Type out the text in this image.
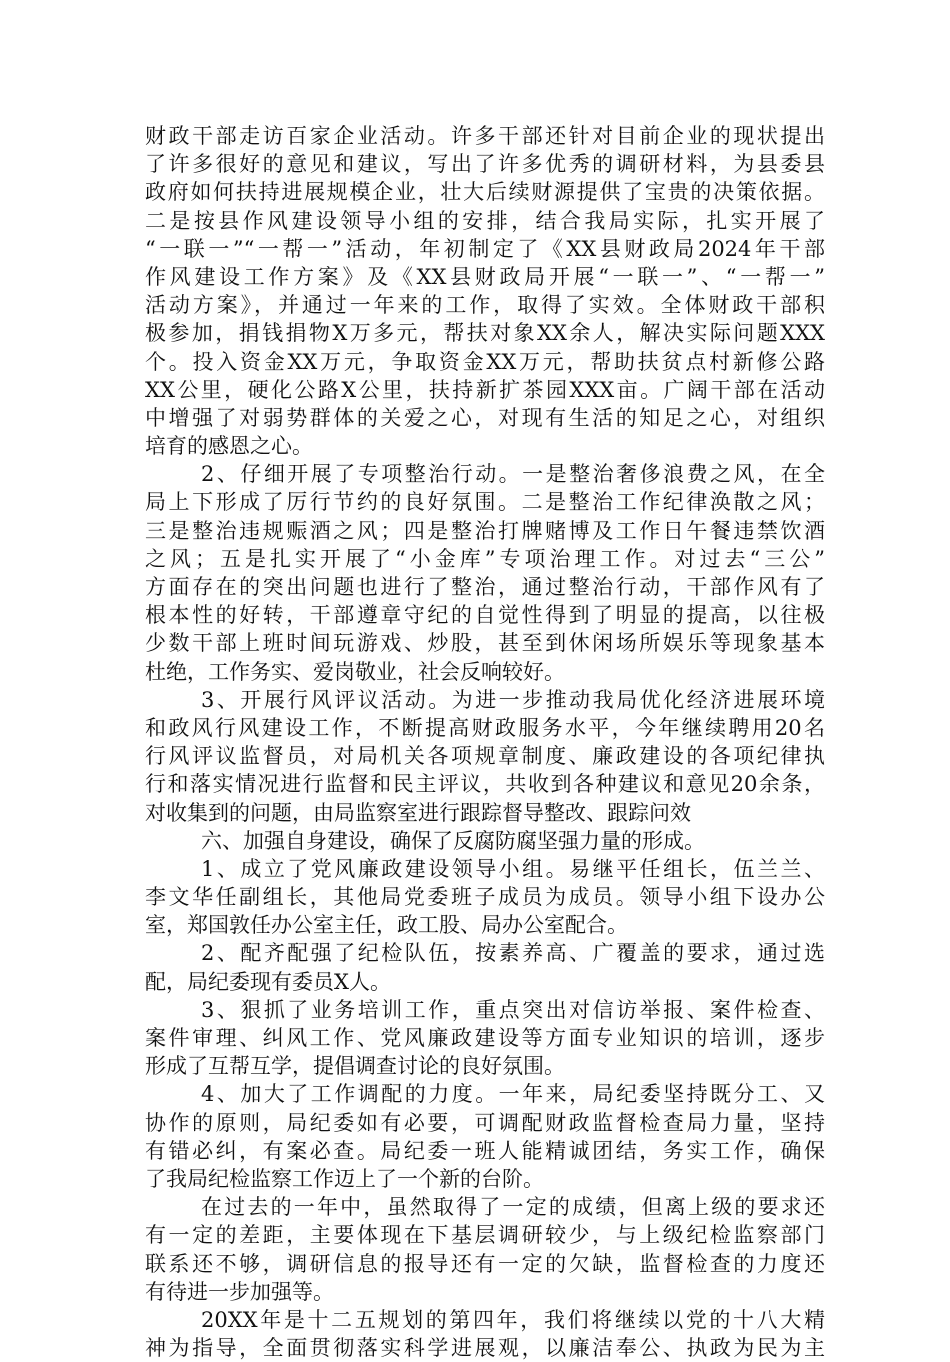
财政干部走访百家企业活动。许多干部还针对目前企业的现状提出
了许多很好的意见和建议，写出了许多优秀的调研材料，为县委县
政府如何扶持进展规模企业，壮大后续财源提供了宝贵的决策依据。
二是按县作风建设领导小组的安排，结合我局实际，扎实开展了
“一联一”“一帮一”活动，年初制定了《XX县财政局2024年干部
作风建设工作方案》及《XX县财政局开展“一联一”、“一帮一”
活动方案》，并通过一年来的工作，取得了实效。全体财政干部积
极参加，捐钱捐物X万多元，帮扶对象XX余人，解决实际问题XXX
个。投入资金XX万元，争取资金XX万元，帮助扶贫点村新修公路
XX公里，硬化公路X公里，扶持新扩茶园XXX亩。广阔干部在活动
中增强了对弱势群体的关爱之心，对现有生活的知足之心，对组织
培育的感恩之心。
2、仔细开展了专项整治行动。一是整治奢侈浪费之风，在全
局上下形成了厉行节约的良好氛围。二是整治工作纪律涣散之风；
三是整治违规赈酒之风；四是整治打牌赌博及工作日午餐违禁饮酒
之风；五是扎实开展了“小金库”专项治理工作。对过去“三公”
方面存在的突出问题也进行了整治，通过整治行动，干部作风有了
根本性的好转，干部遵章守纪的自觉性得到了明显的提高，以往极
少数干部上班时间玩游戏、炒股，甚至到休闲场所娱乐等现象基本
杜绝，工作务实、爱岗敬业，社会反响较好。
3、开展行风评议活动。为进一步推动我局优化经济进展环境
和政风行风建设工作，不断提高财政服务水平，今年继续聘用20名
行风评议监督员，对局机关各项规章制度、廉政建设的各项纪律执
行和落实情况进行监督和民主评议，共收到各种建议和意见20余条，
对收集到的问题，由局监察室进行跟踪督导整改、跟踪问效
六、加强自身建设，确保了反腐防腐坚强力量的形成。
1、成立了党风廉政建设领导小组。易继平任组长，伍兰兰、
李文华任副组长，其他局党委班子成员为成员。领导小组下设办公
室，郑国敦任办公室主任，政工股、局办公室配合。
2、配齐配强了纪检队伍，按素养高、广覆盖的要求，通过选
配，局纪委现有委员X人。
3、狠抓了业务培训工作，重点突出对信访举报、案件检查、
案件审理、纠风工作、党风廉政建设等方面专业知识的培训，逐步
形成了互帮互学，提倡调查讨论的良好氛围。
4、加大了工作调配的力度。一年来，局纪委坚持既分工、又
协作的原则，局纪委如有必要，可调配财政监督检查局力量，坚持
有错必纠，有案必查。局纪委一班人能精诚团结，务实工作，确保
了我局纪检监察工作迈上了一个新的台阶。
在过去的一年中，虽然取得了一定的成绩，但离上级的要求还
有一定的差距，主要体现在下基层调研较少，与上级纪检监察部门
联系还不够，调研信息的报导还有一定的欠缺，监督检查的力度还
有待进一步加强等。
20XX年是十二五规划的第四年，我们将继续以党的十八大精
神为指导，全面贯彻落实科学进展观，以廉洁奉公、执政为民为主
